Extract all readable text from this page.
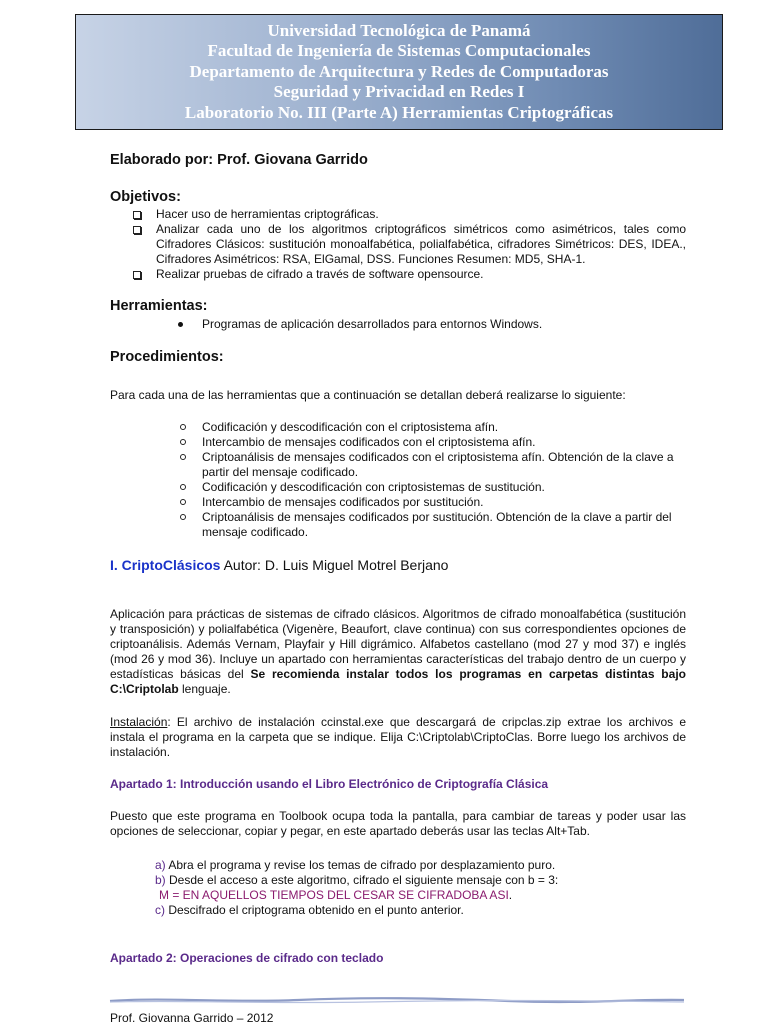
Universidad Tecnológica de Panamá
Facultad de Ingeniería de Sistemas Computacionales
Departamento de Arquitectura y Redes de Computadoras
Seguridad y Privacidad en Redes I
Laboratorio No. III (Parte A) Herramientas Criptográficas
Elaborado por: Prof. Giovana Garrido
Objetivos:
Hacer uso de herramientas criptográficas.
Analizar cada uno de los algoritmos criptográficos simétricos como asimétricos, tales como Cifradores Clásicos: sustitución monoalfabética, polialfabética, cifradores Simétricos: DES, IDEA., Cifradores Asimétricos: RSA, ElGamal, DSS. Funciones Resumen: MD5, SHA-1.
Realizar pruebas de cifrado a través de software opensource.
Herramientas:
Programas de aplicación desarrollados para entornos Windows.
Procedimientos:
Para cada una de las herramientas que a continuación se detallan deberá realizarse lo siguiente:
Codificación y descodificación con el criptosistema afín.
Intercambio de mensajes codificados con el criptosistema afín.
Criptoanálisis de mensajes codificados con el criptosistema afín. Obtención de la clave a partir del mensaje codificado.
Codificación y descodificación con criptosistemas de sustitución.
Intercambio de mensajes codificados por sustitución.
Criptoanálisis de mensajes codificados por sustitución. Obtención de la clave a partir del mensaje codificado.
I. CriptoClásicos Autor: D. Luis Miguel Motrel Berjano
Aplicación para prácticas de sistemas de cifrado clásicos. Algoritmos de cifrado monoalfabética (sustitución y transposición) y polialfabética (Vigenère, Beaufort, clave continua) con sus correspondientes opciones de criptoanálisis. Además Vernam, Playfair y Hill digrámico. Alfabetos castellano (mod 27 y mod 37) e inglés (mod 26 y mod 36). Incluye un apartado con herramientas características del trabajo dentro de un cuerpo y estadísticas básicas del Se recomienda instalar todos los programas en carpetas distintas bajo C:\Criptolab lenguaje.
Instalación: El archivo de instalación ccinstal.exe que descargará de cripclas.zip extrae los archivos e instala el programa en la carpeta que se indique. Elija C:\Criptolab\CriptoClas. Borre luego los archivos de instalación.
Apartado 1: Introducción usando el Libro Electrónico de Criptografía Clásica
Puesto que este programa en Toolbook ocupa toda la pantalla, para cambiar de tareas y poder usar las opciones de seleccionar, copiar y pegar, en este apartado deberás usar las teclas Alt+Tab.
a) Abra el programa y revise los temas de cifrado por desplazamiento puro.
b) Desde el acceso a este algoritmo, cifrado el siguiente mensaje con b = 3:
M = EN AQUELLOS TIEMPOS DEL CESAR SE CIFRADOBA ASI.
c) Descifrado el criptograma obtenido en el punto anterior.
Apartado 2: Operaciones de cifrado con teclado
Prof. Giovanna Garrido – 2012
